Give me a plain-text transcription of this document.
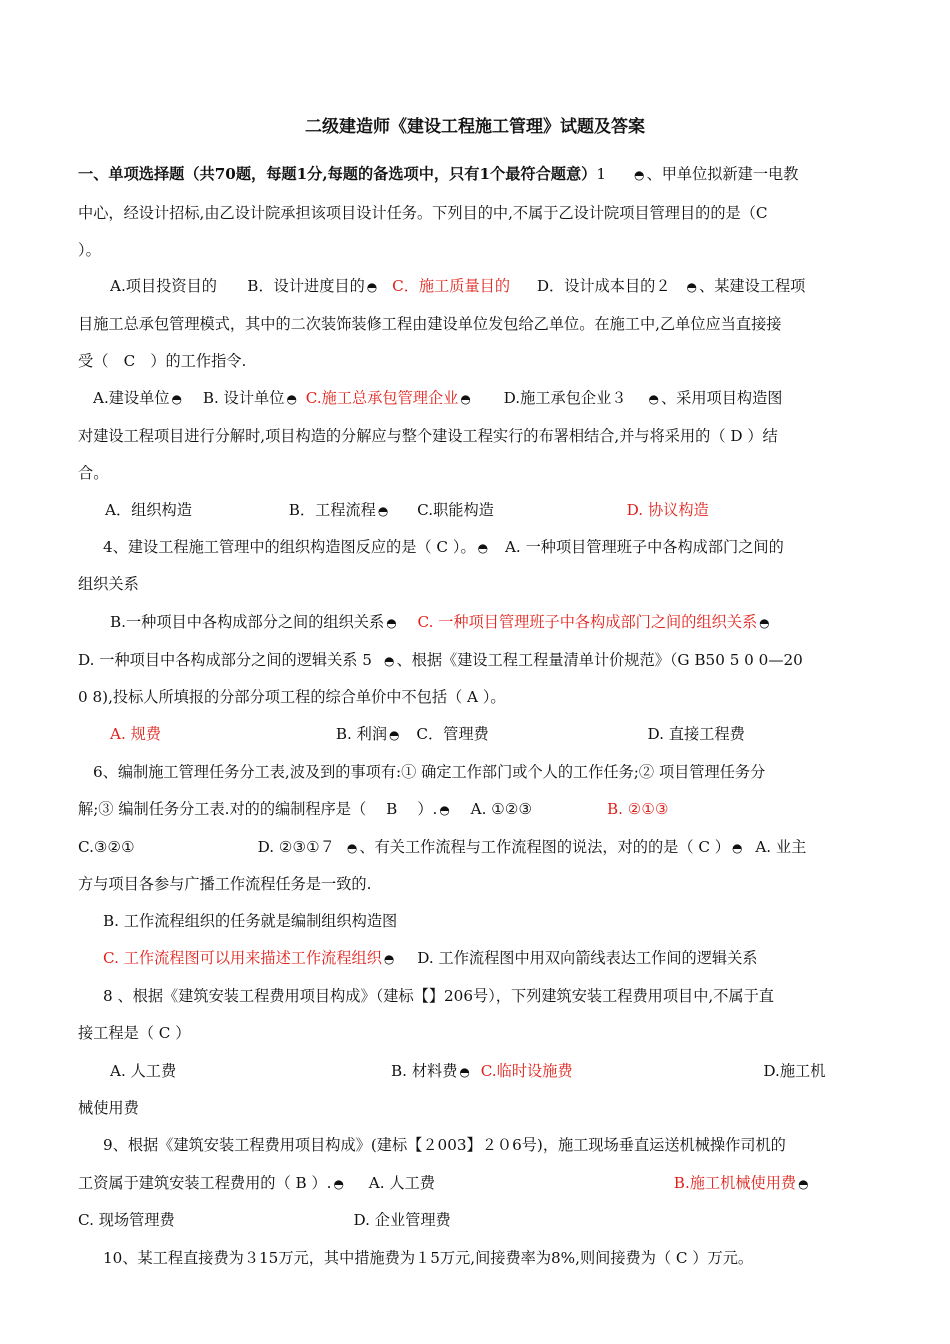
二级建造师《建设工程施工管理》试题及答案
一、单项选择题（共70题，每题1分,每题的备选项中，只有1个最符合题意）1 ◓ 、甲单位拟新建一电教
中心，经设计招标,由乙设计院承担该项目设计任务。下列目的中,不属于乙设计院项目管理目的的是（C
）。
A.项目投资目的　　B．设计进度目的 ◓ C．施工质量目的 D．设计成本目的２ ◓ 、某建设工程项
目施工总承包管理模式，其中的二次装饰装修工程由建设单位发包给乙单位。在施工中,乙单位应当直接接
受（　C　）的工作指令.
A.建设单位 ◓ B. 设计单位 ◓ C.施工总承包管理企业 ◓ D.施工承包企业３ ◓ 、采用项目构造图
对建设工程项目进行分解时,项目构造的分解应与整个建设工程实行的布署相结合,并与将采用的（ D ）结
合。
A．组织构造	B．工程流程 ◓ C.职能构造	D. 协议构造
4、建设工程施工管理中的组织构造图反应的是（ C ）。 ◓ A. 一种项目管理班子中各构成部门之间的
组织关系
B.一种项目中各构成部分之间的组织关系 ◓ C. 一种项目管理班子中各构成部门之间的组织关系 ◓
D. 一种项目中各构成部分之间的逻辑关系 5 ◓ 、根据《建设工程工程量清单计价规范》（G B50 5 0 0—20
0 8),投标人所填报的分部分项工程的综合单价中不包括（ A ）。
A. 规费	B. 利润 ◓ C．管理费	D. 直接工程费
6、编制施工管理任务分工表,波及到的事项有:① 确定工作部门或个人的工作任务;② 项目管理任务分
解;③ 编制任务分工表.对的的编制程序是（　 B　 ）. ◓ A. ①②③	B. ②①③
C.③②①	D. ②③①７ ◓ 、有关工作流程与工作流程图的说法，对的的是（ C ） ◓ A. 业主
方与项目各参与广播工作流程任务是一致的.
B. 工作流程组织的任务就是编制组织构造图
C. 工作流程图可以用来描述工作流程组织 ◓ D. 工作流程图中用双向箭线表达工作间的逻辑关系
8 、根据《建筑安装工程费用项目构成》（建标【】206号），下列建筑安装工程费用项目中,不属于直
接工程是（ C ）
A. 人工费	B. 材料费 ◓ C.临时设施费	D.施工机
械使用费
9、根据《建筑安装工程费用项目构成》(建标【２003】２０6号)，施工现场垂直运送机械操作司机的
工资属于建筑安装工程费用的（ B ）. ◓ A. 人工费	B.施工机械使用费 ◓
C. 现场管理费	D. 企业管理费
10、某工程直接费为３15万元，其中措施费为１5万元,间接费率为8%,则间接费为（ C ）万元。
